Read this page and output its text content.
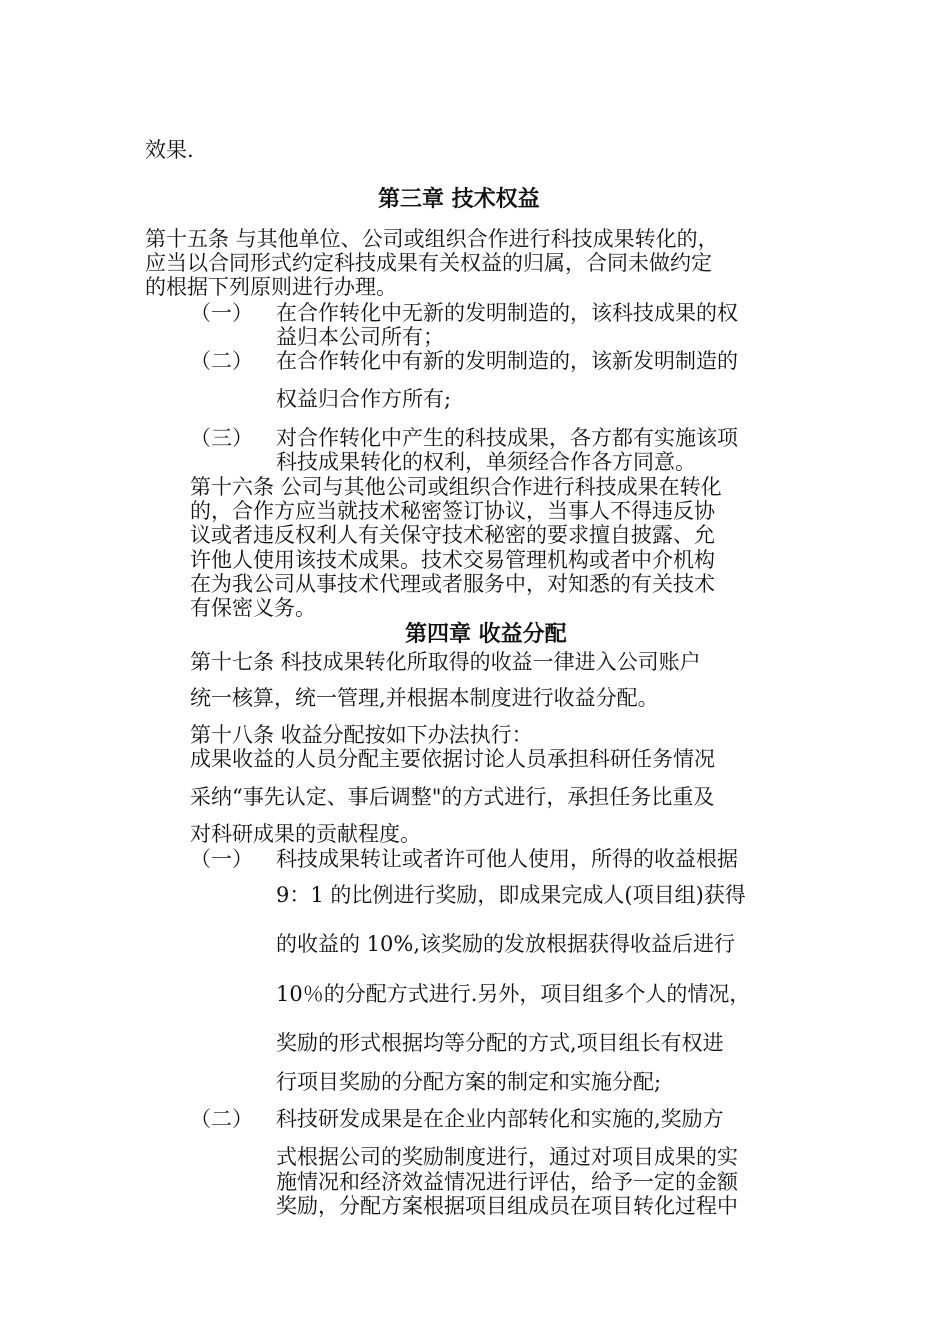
效果.
第三章 技术权益
第十五条 与其他单位、公司或组织合作进行科技成果转化的，
应当以合同形式约定科技成果有关权益的归属，合同未做约定
的根据下列原则进行办理。
（一） 在合作转化中无新的发明制造的，该科技成果的权
益归本公司所有；
（二） 在合作转化中有新的发明制造的，该新发明制造的
权益归合作方所有;
（三） 对合作转化中产生的科技成果，各方都有实施该项
科技成果转化的权利，单须经合作各方同意。
第十六条 公司与其他公司或组织合作进行科技成果在转化
的，合作方应当就技术秘密签订协议，当事人不得违反协
议或者违反权利人有关保守技术秘密的要求擅自披露、允
许他人使用该技术成果。技术交易管理机构或者中介机构
在为我公司从事技术代理或者服务中，对知悉的有关技术
有保密义务。
第四章 收益分配
第十七条 科技成果转化所取得的收益一律进入公司账户
统一核算，统一管理,并根据本制度进行收益分配。
第十八条 收益分配按如下办法执行：
成果收益的人员分配主要依据讨论人员承担科研任务情况
采纳“事先认定、事后调整"的方式进行，承担任务比重及
对科研成果的贡献程度。
（一） 科技成果转让或者许可他人使用，所得的收益根据
9：1 的比例进行奖励，即成果完成人(项目组)获得
的收益的 10%,该奖励的发放根据获得收益后进行
10％的分配方式进行.另外，项目组多个人的情况，
奖励的形式根据均等分配的方式,项目组长有权进
行项目奖励的分配方案的制定和实施分配;
（二） 科技研发成果是在企业内部转化和实施的,奖励方
式根据公司的奖励制度进行，通过对项目成果的实
施情况和经济效益情况进行评估，给予一定的金额
奖励，分配方案根据项目组成员在项目转化过程中
